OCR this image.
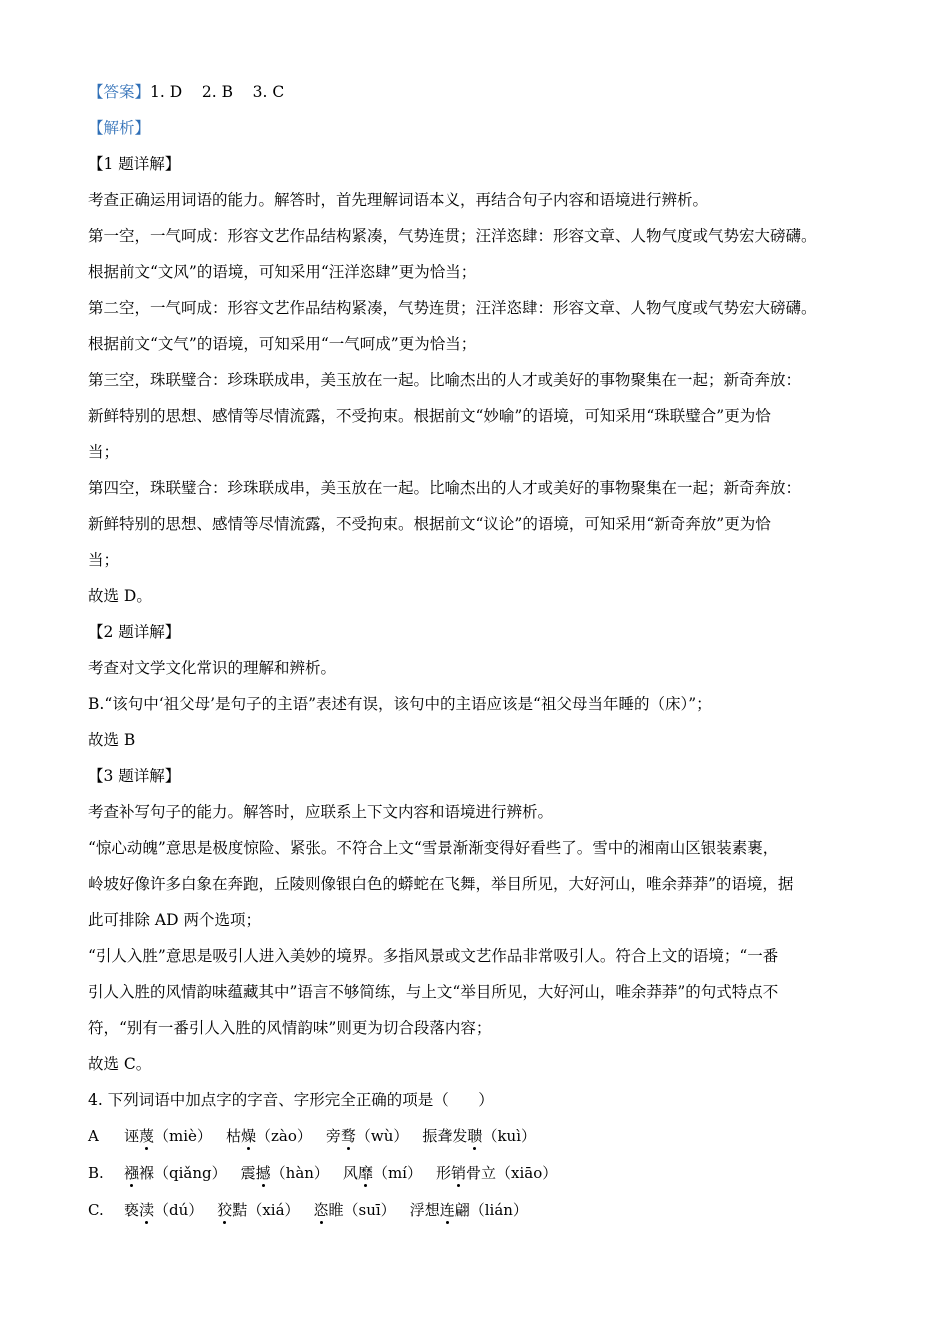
【答案】1. D    2. B    3. C
【解析】
【1 题详解】
考查正确运用词语的能力。解答时，首先理解词语本义，再结合句子内容和语境进行辨析。
第一空，一气呵成：形容文艺作品结构紧凑，气势连贯；汪洋恣肆：形容文章、人物气度或气势宏大磅礴。
根据前文“文风”的语境，可知采用“汪洋恣肆”更为恰当；
第二空，一气呵成：形容文艺作品结构紧凑，气势连贯；汪洋恣肆：形容文章、人物气度或气势宏大磅礴。
根据前文“文气”的语境，可知采用“一气呵成”更为恰当；
第三空，珠联璧合：珍珠联成串，美玉放在一起。比喻杰出的人才或美好的事物聚集在一起；新奇奔放：
新鲜特别的思想、感情等尽情流露，不受拘束。根据前文“妙喻”的语境，可知采用“珠联璧合”更为恰
当；
第四空，珠联璧合：珍珠联成串，美玉放在一起。比喻杰出的人才或美好的事物聚集在一起；新奇奔放：
新鲜特别的思想、感情等尽情流露，不受拘束。根据前文“议论”的语境，可知采用“新奇奔放”更为恰
当；
故选 D。
【2 题详解】
考查对文学文化常识的理解和辨析。
B.“该句中‘祖父母’是句子的主语”表述有误，该句中的主语应该是“祖父母当年睡的（床）”；
故选 B
【3 题详解】
考查补写句子的能力。解答时，应联系上下文内容和语境进行辨析。
“惊心动魄”意思是极度惊险、紧张。不符合上文“雪景渐渐变得好看些了。雪中的湘南山区银装素裹，
岭坡好像许多白象在奔跑，丘陵则像银白色的蟒蛇在飞舞，举目所见，大好河山，唯余莽莽”的语境，据
此可排除 AD 两个选项；
“引人入胜”意思是吸引人进入美妙的境界。多指风景或文艺作品非常吸引人。符合上文的语境；“一番
引人入胜的风情韵味蕴藏其中”语言不够简练，与上文“举目所见，大好河山，唯余莽莽”的句式特点不
符，“别有一番引人入胜的风情韵味”则更为切合段落内容；
故选 C。
4. 下列词语中加点字的字音、字形完全正确的项是（      ）
A 诬蔑（miè） 枯燥（zào） 旁骛（wù） 振聋发聩（kuì）
B. 襁褓（qiǎng） 震撼（hàn） 风靡（mí） 形销骨立（xiāo）
C. 亵渎（dú） 狡黠（xiá） 恣睢（suī） 浮想连翩（lián）
